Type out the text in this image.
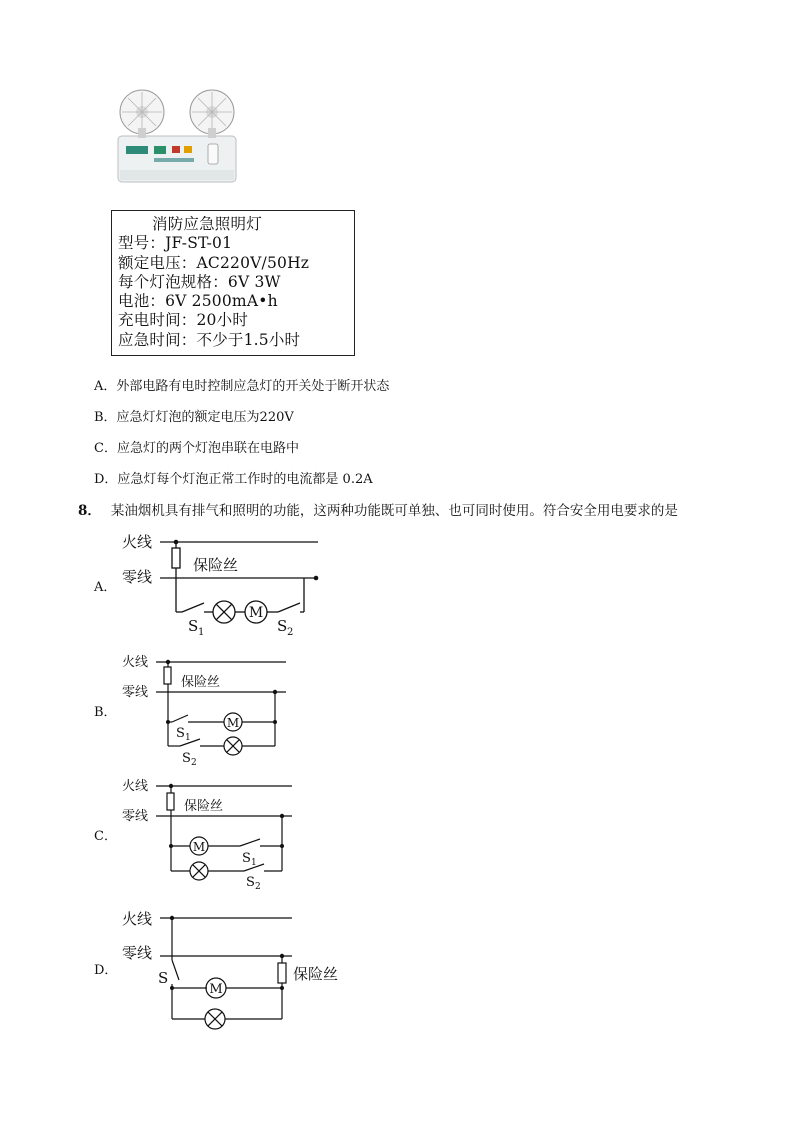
消防应急照明灯
型号：JF-ST-01
额定电压：AC220V/50Hz
每个灯泡规格：6V 3W
电池：6V 2500mA•h
充电时间：20小时
应急时间：不少于1.5小时
A．外部电路有电时控制应急灯的开关处于断开状态
B．应急灯灯泡的额定电压为220V
C．应急灯的两个灯泡串联在电路中
D．应急灯每个灯泡正常工作时的电流都是 0.2A
8． 某油烟机具有排气和照明的功能，这两种功能既可单独、也可同时使用。符合安全用电要求的是
A．
火线
零线
保险丝
M
S 1	S 2
B．
火线
零线
保险丝
M
S 1
S 2
C．
火线
零线
保险丝
M
S 1
S 2
D．
火线
零线
S
M
保险丝
